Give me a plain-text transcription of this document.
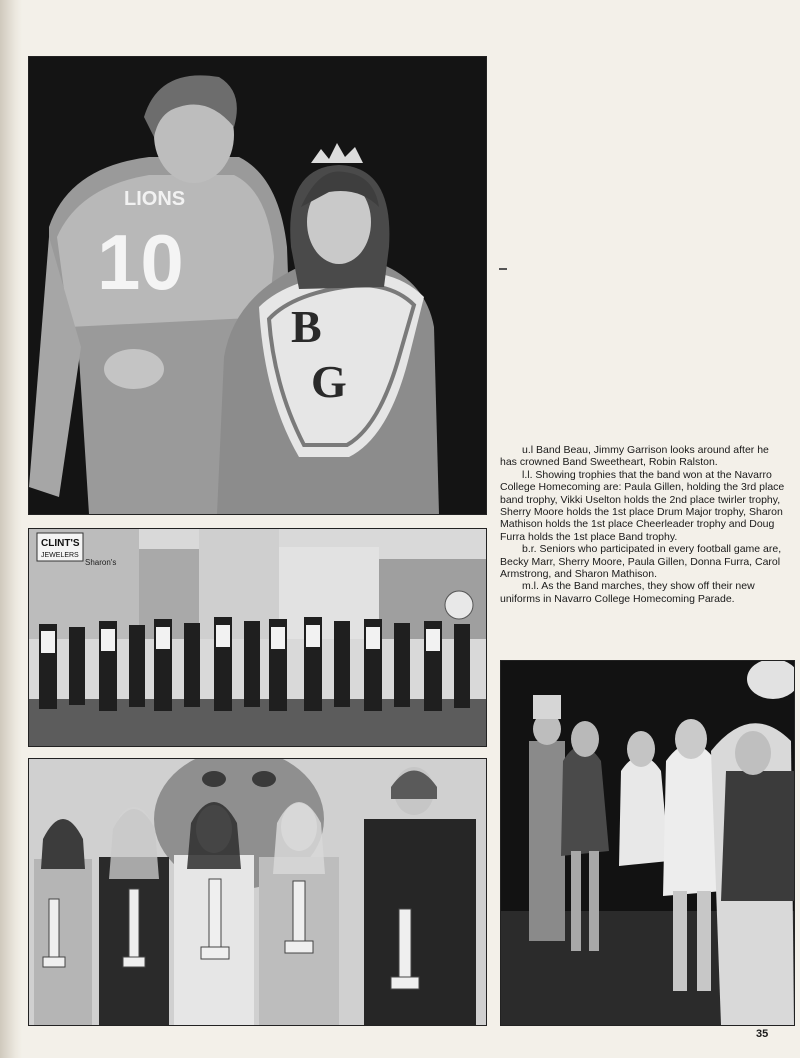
LIONS
10
B
G
CLINT'S
JEWELERS
Sharon's

u.l Band Beau, Jimmy Garrison looks around after he has crowned Band Sweetheart, Robin Ralston.

l.l. Showing trophies that the band won at the Navarro College Homecoming are: Paula Gillen, holding the 3rd place band trophy, Vikki Uselton holds the 2nd place twirler trophy, Sherry Moore holds the 1st place Drum Major trophy, Sharon Mathison holds the 1st place Cheerleader trophy and Doug Furra holds the 1st place Band trophy.

b.r. Seniors who participated in every football game are, Becky Marr, Sherry Moore, Paula Gillen, Donna Furra, Carol Armstrong, and Sharon Mathison.

m.l. As the Band marches, they show off their new uniforms in Navarro College Homecoming Parade.

35
